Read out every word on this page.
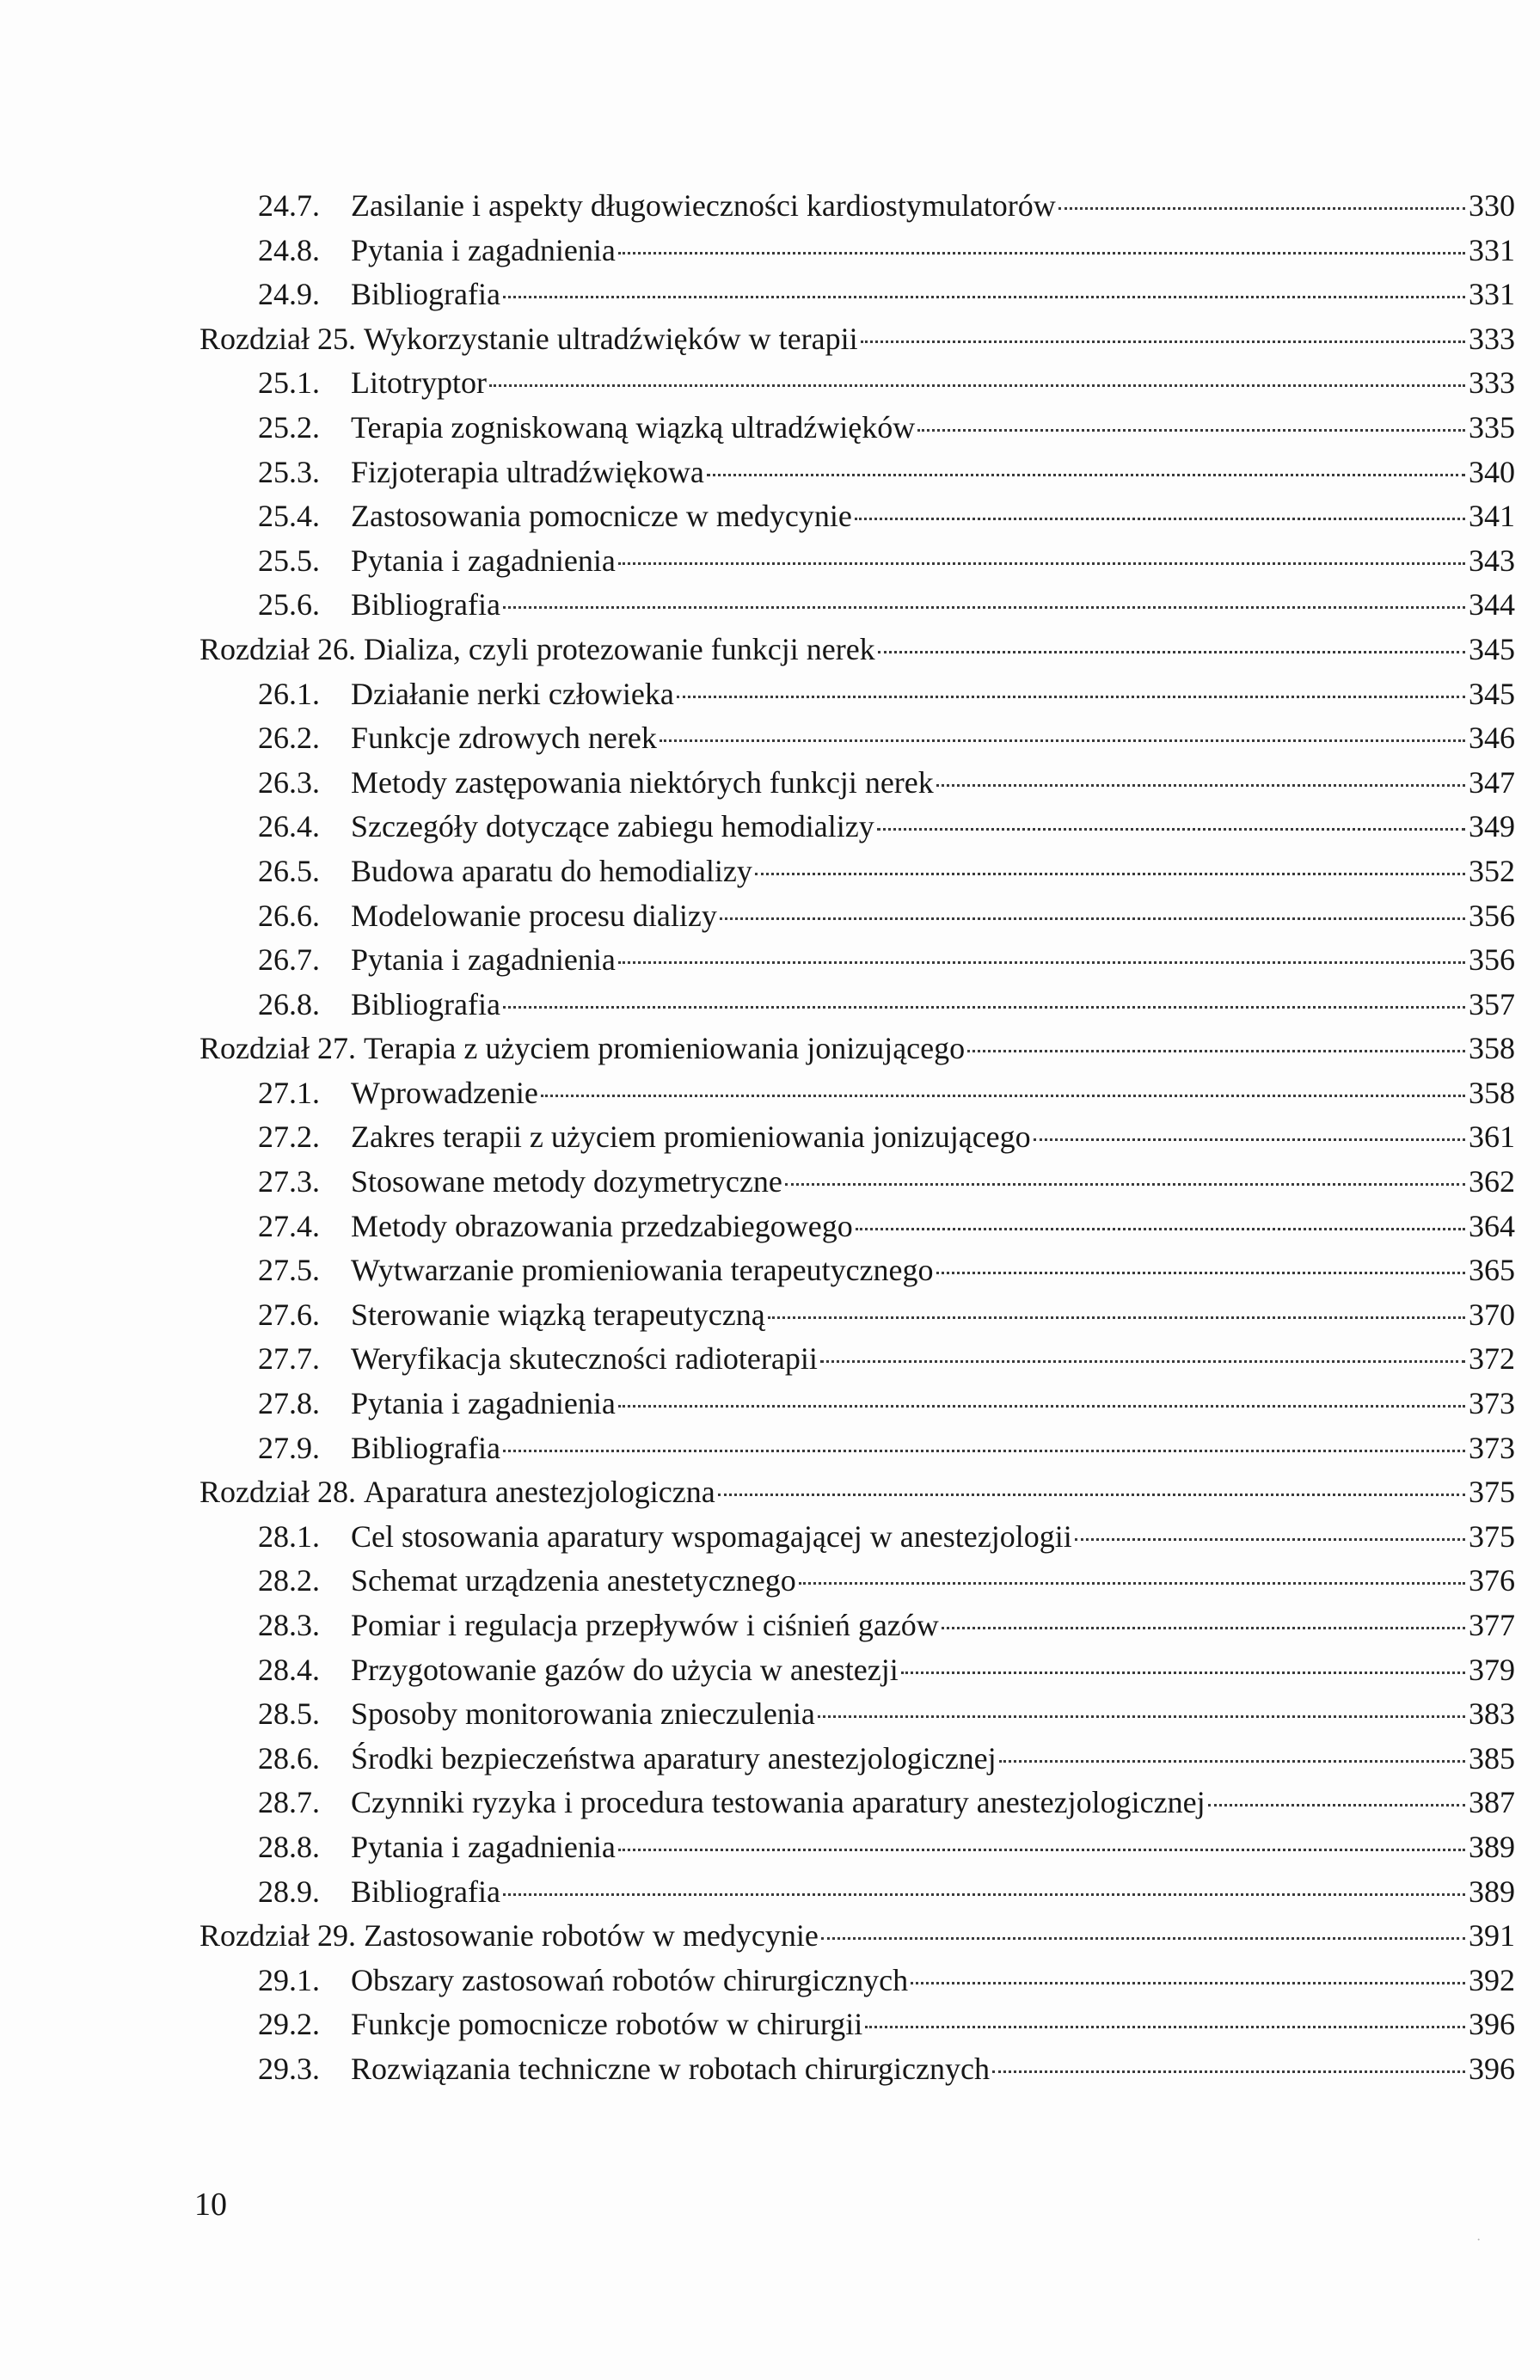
24.7.	Zasilanie i aspekty długowieczności kardiostymulatorów	330
24.8.	Pytania i zagadnienia	331
24.9.	Bibliografia	331
Rozdział 25. Wykorzystanie ultradźwięków w terapii	333
25.1.	Litotryptor	333
25.2.	Terapia zogniskowaną wiązką ultradźwięków	335
25.3.	Fizjoterapia ultradźwiękowa	340
25.4.	Zastosowania pomocnicze w medycynie	341
25.5.	Pytania i zagadnienia	343
25.6.	Bibliografia	344
Rozdział 26. Dializa, czyli protezowanie funkcji nerek	345
26.1.	Działanie nerki człowieka	345
26.2.	Funkcje zdrowych nerek	346
26.3.	Metody zastępowania niektórych funkcji nerek	347
26.4.	Szczegóły dotyczące zabiegu hemodializy	349
26.5.	Budowa aparatu do hemodializy	352
26.6.	Modelowanie procesu dializy	356
26.7.	Pytania i zagadnienia	356
26.8.	Bibliografia	357
Rozdział 27. Terapia z użyciem promieniowania jonizującego	358
27.1.	Wprowadzenie	358
27.2.	Zakres terapii z użyciem promieniowania jonizującego	361
27.3.	Stosowane metody dozymetryczne	362
27.4.	Metody obrazowania przedzabiegowego	364
27.5.	Wytwarzanie promieniowania terapeutycznego	365
27.6.	Sterowanie wiązką terapeutyczną	370
27.7.	Weryfikacja skuteczności radioterapii	372
27.8.	Pytania i zagadnienia	373
27.9.	Bibliografia	373
Rozdział 28. Aparatura anestezjologiczna	375
28.1.	Cel stosowania aparatury wspomagającej w anestezjologii	375
28.2.	Schemat urządzenia anestetycznego	376
28.3.	Pomiar i regulacja przepływów i ciśnień gazów	377
28.4.	Przygotowanie gazów do użycia w anestezji	379
28.5.	Sposoby monitorowania znieczulenia	383
28.6.	Środki bezpieczeństwa aparatury anestezjologicznej	385
28.7.	Czynniki ryzyka i procedura testowania aparatury anestezjologicznej	387
28.8.	Pytania i zagadnienia	389
28.9.	Bibliografia	389
Rozdział 29. Zastosowanie robotów w medycynie	391
29.1.	Obszary zastosowań robotów chirurgicznych	392
29.2.	Funkcje pomocnicze robotów w chirurgii	396
29.3.	Rozwiązania techniczne w robotach chirurgicznych	396
10
·
